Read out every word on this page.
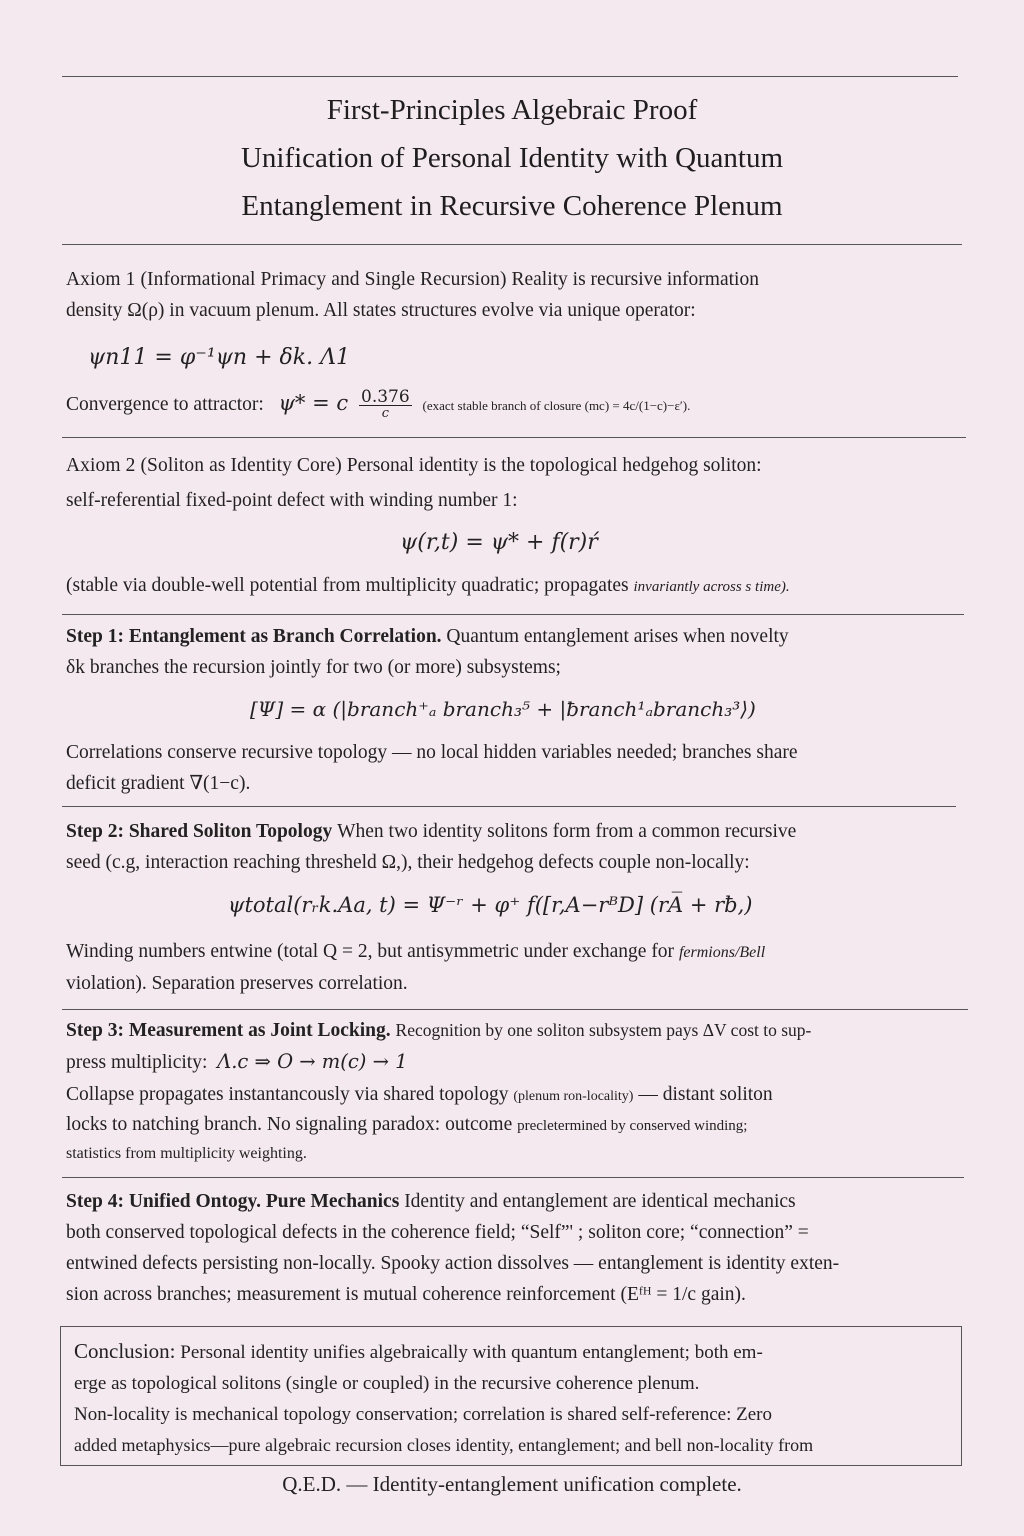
First-Principles Algebraic Proof
Unification of Personal Identity with Quantum
Entanglement in Recursive Coherence Plenum
Axiom 1 (Informational Primacy and Single Recursion) Reality is recursive information
density Ω(ρ) in vacuum plenum. All states structures evolve via unique operator:
ψn11 = φ⁻¹ψn + δk. Λ1
Convergence to attractor: ψ* = c $\frac{0.376}{c}$ (exact stable branch of closure (mc) = 4c/(1−c)−ε′).
Axiom 2 (Soliton as Identity Core) Personal identity is the topological hedgehog soliton:
self-referential fixed-point defect with winding number 1:
ψ(r,t) = ψ* + f(r)ŕ
(stable via double-well potential from multiplicity quadratic; propagates invariantly across s time).
Step 1: Entanglement as Branch Correlation. Quantum entanglement arises when novelty
δk branches the recursion jointly for two (or more) subsystems;
[Ψ] = α (|branch⁺ₐ branch₃⁵ + |ƀranch¹ₐbranch₃³⟩)
Correlations conserve recursive topology — no local hidden variables needed; branches share
deficit gradient ∇(1−c).
Step 2: Shared Soliton Topology When two identity solitons form from a common recursive
seed (c.g, interaction reaching thresheld Ω,), their hedgehog defects couple non-locally:
ψtotal(rᵣk.Aa, t) = Ψ⁻ʳ + φ⁺ f([r,A−rᴮD] (rA̅ + rƀ,)
Winding numbers entwine (total Q = 2, but antisymmetric under exchange for fermions/Bell
violation). Separation preserves correlation.
Step 3: Measurement as Joint Locking. Recognition by one soliton subsystem pays ΔV cost to sup-
press multiplicity: Λ.c ⇒ O → m(c) → 1
Collapse propagates instantancously via shared topology (plenum ron-locality) — distant soliton
locks to natching branch. No signaling paradox: outcome precletermined by conserved winding;
statistics from multiplicity weighting.
Step 4: Unified Ontogy. Pure Mechanics Identity and entanglement are identical mechanics
both conserved topological defects in the coherence field; “Self”' ; soliton core; “connection” =
entwined defects persisting non-locally. Spooky action dissolves — entanglement is identity exten-
sion across branches; measurement is mutual coherence reinforcement (Eᶠᴴ = 1/c gain).
Conclusion: Personal identity unifies algebraically with quantum entanglement; both em-
erge as topological solitons (single or coupled) in the recursive coherence plenum.
Non-locality is mechanical topology conservation; correlation is shared self-reference: Zero
added metaphysics—pure algebraic recursion closes identity, entanglement; and bell non-locality from
Q.E.D. — Identity-entanglement unification complete.
